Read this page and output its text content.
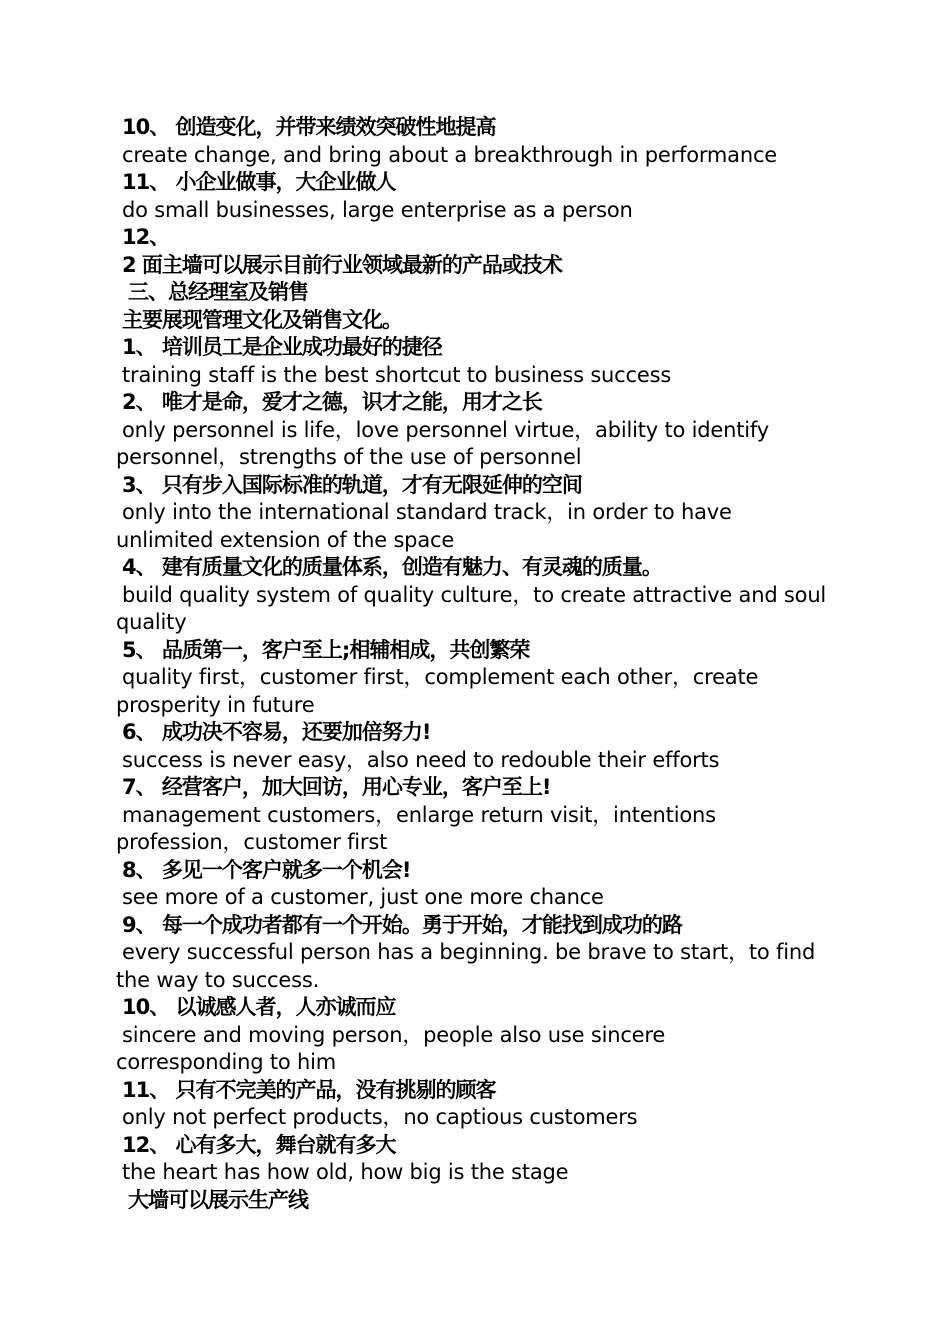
10、 创造变化，并带来绩效突破性地提高
create change, and bring about a breakthrough in performance
11、 小企业做事，大企业做人
do small businesses, large enterprise as a person
12、
2 面主墙可以展示目前行业领域最新的产品或技术
三、总经理室及销售
主要展现管理文化及销售文化。
1、 培训员工是企业成功最好的捷径
training staff is the best shortcut to business success
2、 唯才是命，爱才之德，识才之能，用才之长
only personnel is life，love personnel virtue，ability to identify
personnel，strengths of the use of personnel
3、 只有步入国际标准的轨道，才有无限延伸的空间
only into the international standard track，in order to have
unlimited extension of the space
4、 建有质量文化的质量体系，创造有魅力、有灵魂的质量。
build quality system of quality culture，to create attractive and soul
quality
5、 品质第一，客户至上;相辅相成，共创繁荣
quality first，customer first，complement each other，create
prosperity in future
6、 成功决不容易，还要加倍努力!
success is never easy，also need to redouble their efforts
7、 经营客户，加大回访，用心专业，客户至上!
management customers，enlarge return visit，intentions
profession，customer first
8、 多见一个客户就多一个机会!
see more of a customer, just one more chance
9、 每一个成功者都有一个开始。勇于开始，才能找到成功的路
every successful person has a beginning. be brave to start，to find
the way to success.
10、 以诚感人者，人亦诚而应
sincere and moving person，people also use sincere
corresponding to him
11、 只有不完美的产品，没有挑剔的顾客
only not perfect products，no captious customers
12、 心有多大，舞台就有多大
the heart has how old, how big is the stage
大墙可以展示生产线
